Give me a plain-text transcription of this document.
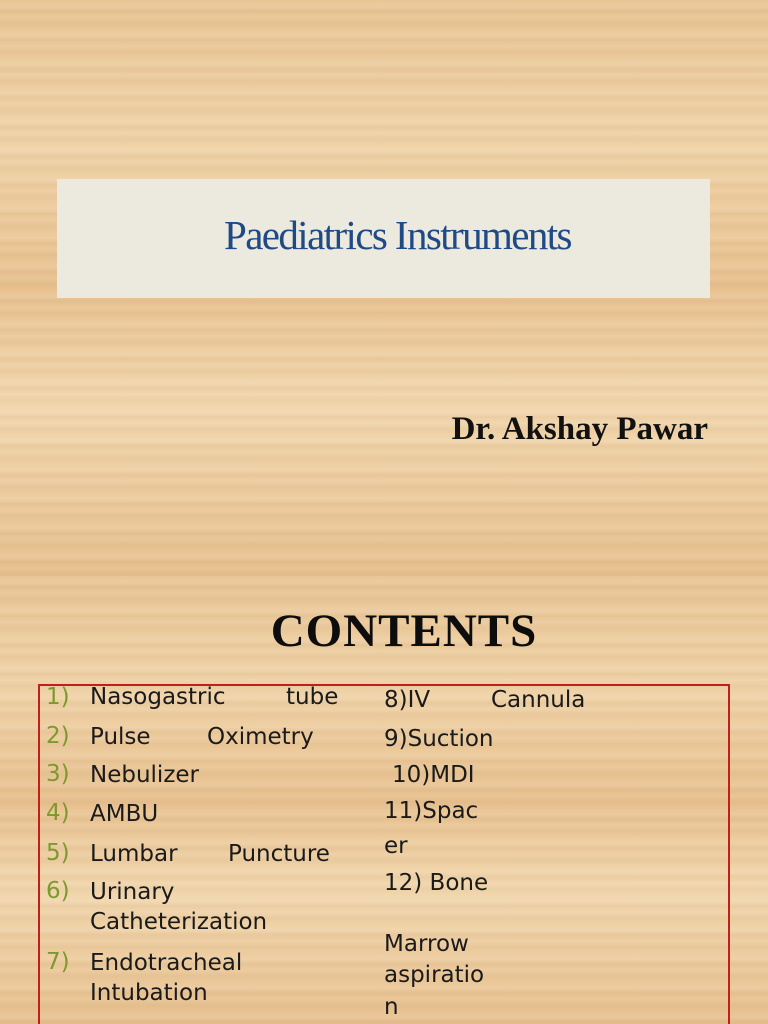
Paediatrics Instruments
Dr. Akshay Pawar
CONTENTS
1)
2)
3)
4)
5)
6)
7)
Nasogastric	tube
Pulse Oximetry
Nebulizer
AMBU
Lumbar Puncture
Urinary
Catheterization
Endotracheal
Intubation
8)IV	Cannula
9)Suction
10)MDI
11)Spac
er
12) Bone
Marrow
aspiratio
n
